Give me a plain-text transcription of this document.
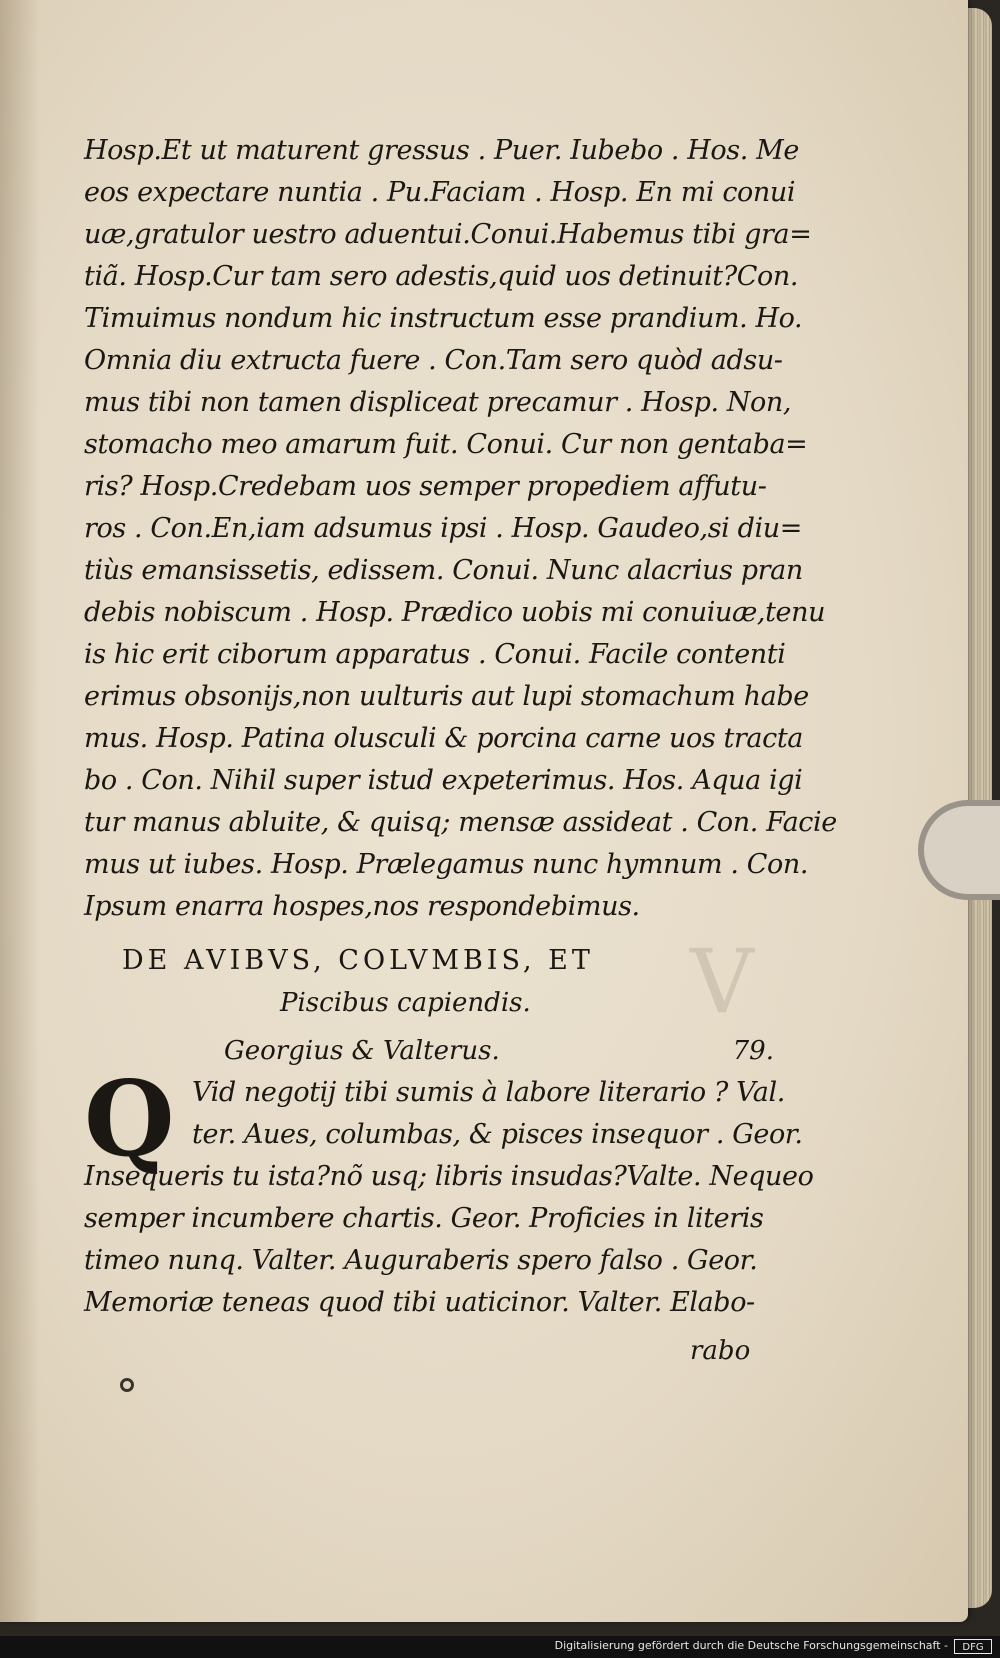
V
Hosp.Et ut maturent gressus . Puer. Iubebo . Hos. Me
eos expectare nuntia . Pu.Faciam . Hosp. En mi conui
uæ,gratulor uestro aduentui.Conui.Habemus tibi gra=
tiã. Hosp.Cur tam sero adestis,quid uos detinuit?Con.
Timuimus nondum hic instructum esse prandium. Ho.
Omnia diu extructa fuere . Con.Tam sero quòd adsu-
mus tibi non tamen displiceat precamur . Hosp. Non,
stomacho meo amarum fuit. Conui. Cur non gentaba=
ris? Hosp.Credebam uos semper propediem affutu-
ros . Con.En,iam adsumus ipsi . Hosp. Gaudeo,si diu=
tiùs emansissetis, edissem. Conui. Nunc alacrius pran
debis nobiscum . Hosp. Prædico uobis mi conuiuæ,tenu
is hic erit ciborum apparatus . Conui. Facile contenti
erimus obsonijs,non uulturis aut lupi stomachum habe
mus. Hosp. Patina olusculi & porcina carne uos tracta
bo . Con. Nihil super istud expeterimus. Hos. Aqua igi
tur manus abluite, & quisq; mensæ assideat . Con. Facie
mus ut iubes. Hosp. Prælegamus nunc hymnum . Con.
Ipsum enarra hospes,nos respondebimus.
DE AVIBVS, COLVMBIS, ET
Piscibus capiendis.
Georgius & Valterus.	79.
Q Vid negotij tibi sumis à labore literario ? Val.
ter. Aues, columbas, & pisces insequor . Geor.
Insequeris tu ista?nõ usq; libris insudas?Valte. Nequeo
semper incumbere chartis. Geor. Proficies in literis
timeo nunq. Valter. Auguraberis spero falso . Geor.
Memoriæ teneas quod tibi uaticinor. Valter. Elabo-
rabo
Digitalisierung gefördert durch die Deutsche Forschungsgemeinschaft -	DFG
